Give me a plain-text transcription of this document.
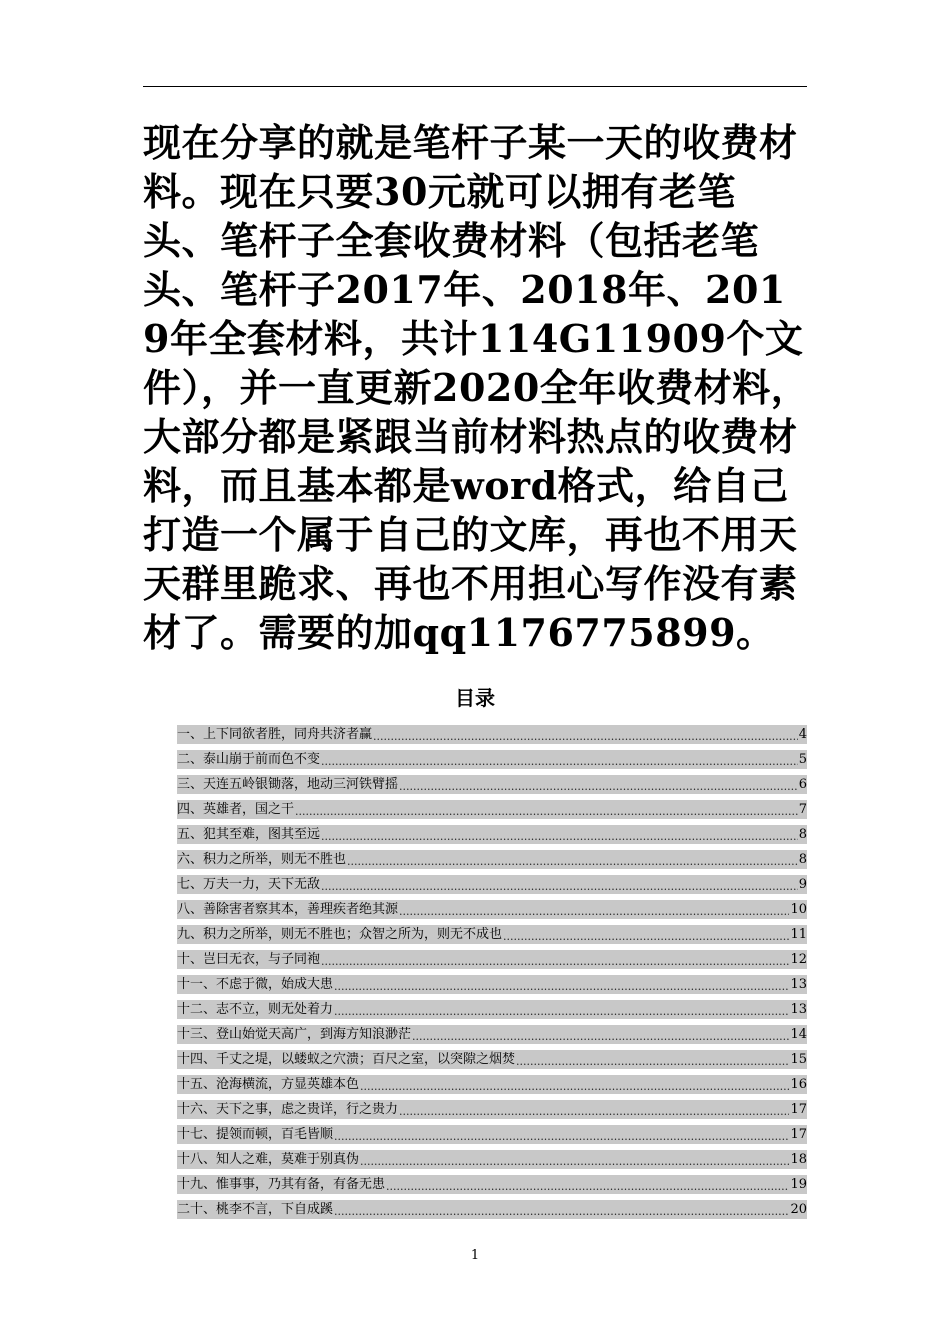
现在分享的就是笔杆子某一天的收费材料。现在只要30元就可以拥有老笔头、笔杆子全套收费材料（包括老笔头、笔杆子2017年、2018年、2019年全套材料，共计114G11909个文件），并一直更新2020全年收费材料，大部分都是紧跟当前材料热点的收费材料，而且基本都是word格式，给自己打造一个属于自己的文库，再也不用天天群里跪求、再也不用担心写作没有素材了。需要的加qq1176775899。

目录
一、上下同欲者胜，同舟共济者赢 .....	4
二、泰山崩于前而色不变 .....	5
三、天连五岭银锄落，地动三河铁臂摇 .....	6
四、英雄者，国之干 .....	7
五、犯其至难，图其至远 .....	8
六、积力之所举，则无不胜也 .....	8
七、万夫一力，天下无敌 .....	9
八、善除害者察其本，善理疾者绝其源 .....	10
九、积力之所举，则无不胜也；众智之所为，则无不成也 .....	11
十、岂曰无衣，与子同袍 .....	12
十一、不虑于微，始成大患 .....	13
十二、志不立，则无处着力 .....	13
十三、登山始觉天高广，到海方知浪渺茫 .....	14
十四、千丈之堤，以蝼蚁之穴溃；百尺之室，以突隙之烟焚 .....	15
十五、沧海横流，方显英雄本色 .....	16
十六、天下之事，虑之贵详，行之贵力 .....	17
十七、提领而顿，百毛皆顺 .....	17
十八、知人之难，莫难于别真伪 .....	18
十九、惟事事，乃其有备，有备无患 .....	19
二十、桃李不言，下自成蹊 .....	20

1
